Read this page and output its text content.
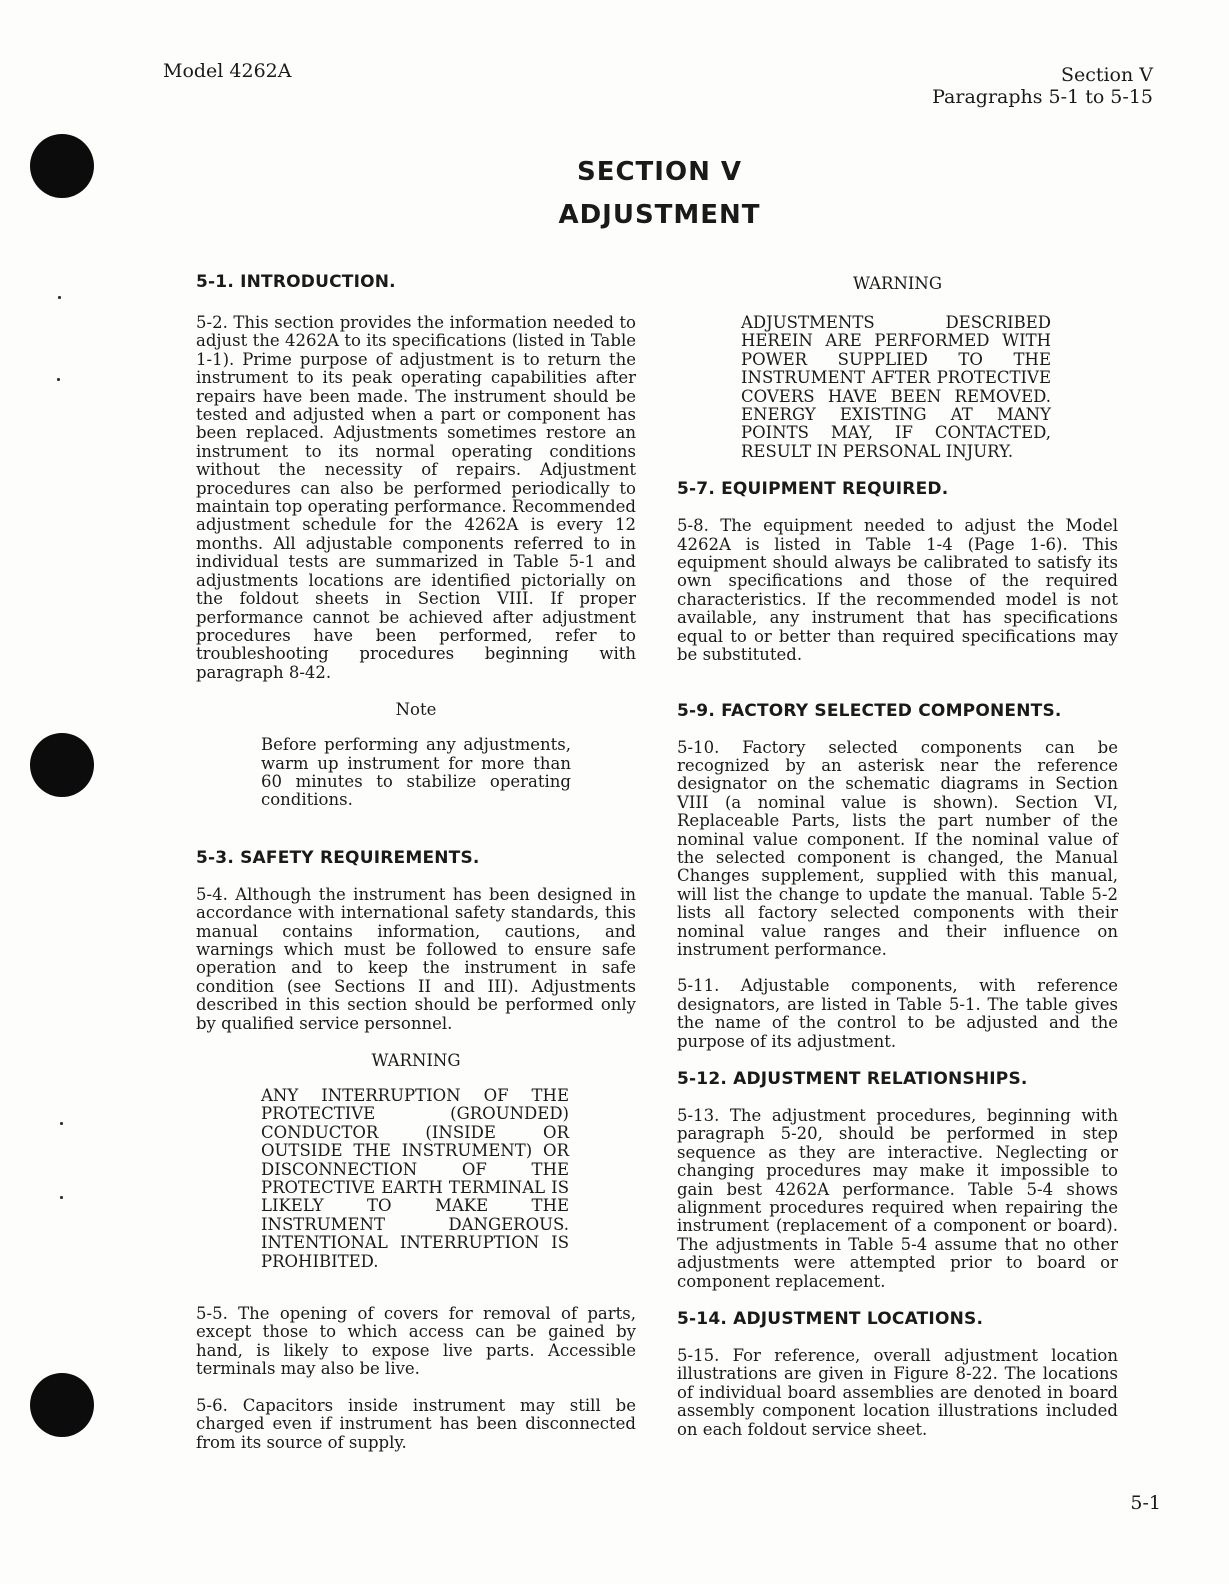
Model 4262A	Section V
Paragraphs 5-1 to 5-15
SECTION V
ADJUSTMENT
5-1. INTRODUCTION.
5-2. This section provides the information needed to adjust the 4262A to its specifications (listed in Table 1-1). Prime purpose of adjustment is to return the instrument to its peak operating capabilities after repairs have been made. The instrument should be tested and adjusted when a part or component has been replaced. Adjustments sometimes restore an instrument to its normal operating conditions without the necessity of repairs. Adjustment procedures can also be performed periodically to maintain top operating performance. Recommended adjustment schedule for the 4262A is every 12 months. All adjustable components referred to in individual tests are summarized in Table 5-1 and adjustments locations are identified pictorially on the foldout sheets in Section VIII. If proper performance cannot be achieved after adjustment procedures have been performed, refer to troubleshooting procedures beginning with paragraph 8-42.
Note
Before performing any adjustments, warm up instrument for more than 60 minutes to stabilize operating conditions.
5-3. SAFETY REQUIREMENTS.
5-4. Although the instrument has been designed in accordance with international safety standards, this manual contains information, cautions, and warnings which must be followed to ensure safe operation and to keep the instrument in safe condition (see Sections II and III). Adjustments described in this section should be performed only by qualified service personnel.
WARNING
ANY INTERRUPTION OF THE PROTECTIVE (GROUNDED) CONDUCTOR (INSIDE OR OUTSIDE THE INSTRUMENT) OR DISCONNECTION OF THE PROTECTIVE EARTH TERMINAL IS LIKELY TO MAKE THE INSTRUMENT DANGEROUS. INTENTIONAL INTERRUPTION IS PROHIBITED.
5-5. The opening of covers for removal of parts, except those to which access can be gained by hand, is likely to expose live parts. Accessible terminals may also be live.
5-6. Capacitors inside instrument may still be charged even if instrument has been disconnected from its source of supply.
WARNING
ADJUSTMENTS DESCRIBED HEREIN ARE PERFORMED WITH POWER SUPPLIED TO THE INSTRUMENT AFTER PROTECTIVE COVERS HAVE BEEN REMOVED. ENERGY EXISTING AT MANY POINTS MAY, IF CONTACTED, RESULT IN PERSONAL INJURY.
5-7. EQUIPMENT REQUIRED.
5-8. The equipment needed to adjust the Model 4262A is listed in Table 1-4 (Page 1-6). This equipment should always be calibrated to satisfy its own specifications and those of the required characteristics. If the recommended model is not available, any instrument that has specifications equal to or better than required specifications may be substituted.
5-9. FACTORY SELECTED COMPONENTS.
5-10. Factory selected components can be recognized by an asterisk near the reference designator on the schematic diagrams in Section VIII (a nominal value is shown). Section VI, Replaceable Parts, lists the part number of the nominal value component. If the nominal value of the selected component is changed, the Manual Changes supplement, supplied with this manual, will list the change to update the manual. Table 5-2 lists all factory selected components with their nominal value ranges and their influence on instrument performance.
5-11. Adjustable components, with reference designators, are listed in Table 5-1. The table gives the name of the control to be adjusted and the purpose of its adjustment.
5-12. ADJUSTMENT RELATIONSHIPS.
5-13. The adjustment procedures, beginning with paragraph 5-20, should be performed in step sequence as they are interactive. Neglecting or changing procedures may make it impossible to gain best 4262A performance. Table 5-4 shows alignment procedures required when repairing the instrument (replacement of a component or board). The adjustments in Table 5-4 assume that no other adjustments were attempted prior to board or component replacement.
5-14. ADJUSTMENT LOCATIONS.
5-15. For reference, overall adjustment location illustrations are given in Figure 8-22. The locations of individual board assemblies are denoted in board assembly component location illustrations included on each foldout service sheet.
5-1
